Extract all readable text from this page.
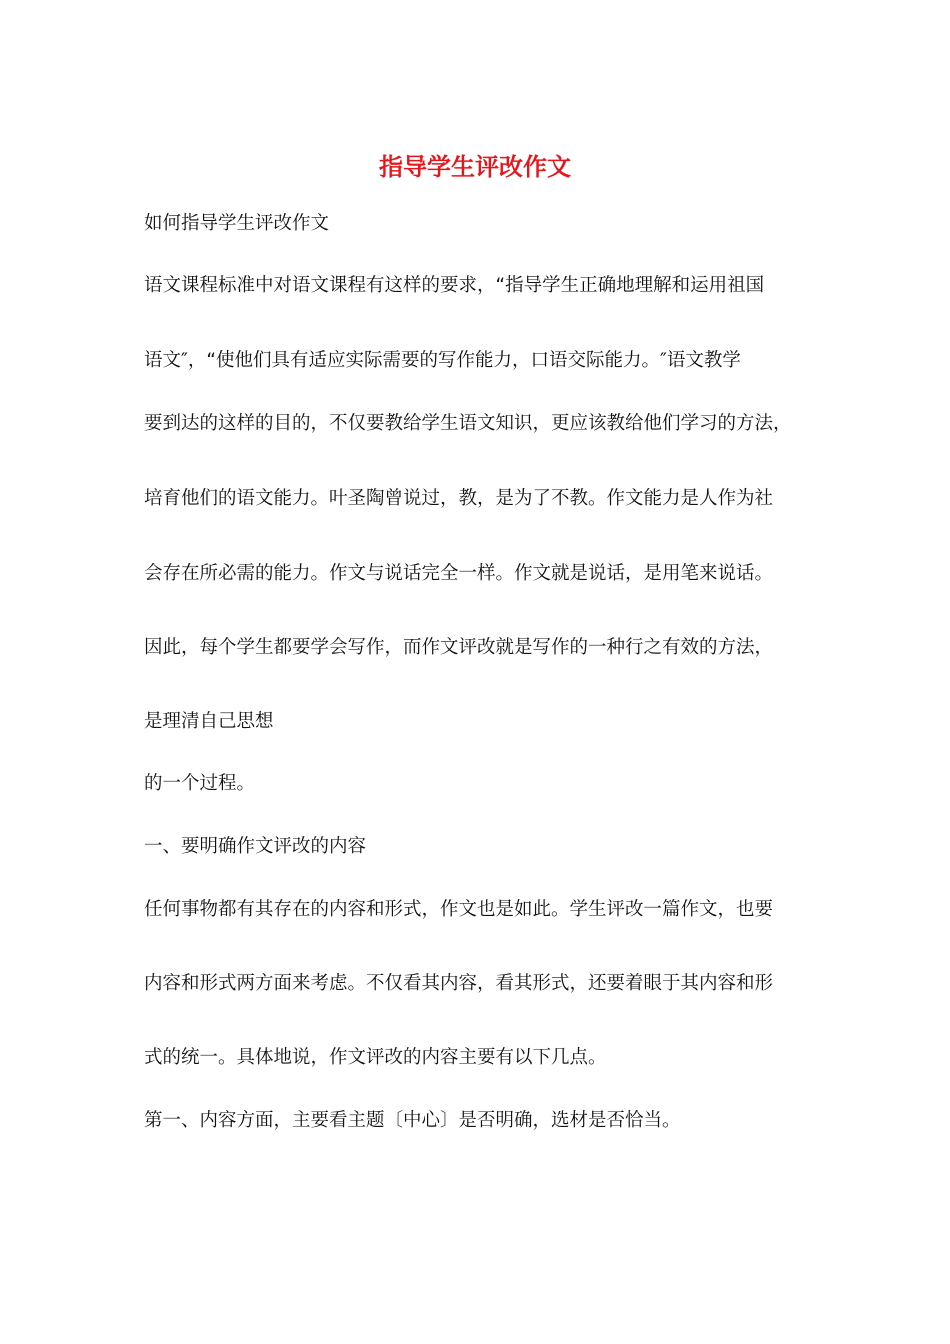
指导学生评改作文
如何指导学生评改作文
语文课程标准中对语文课程有这样的要求，“指导学生正确地理解和运用祖国
语文″，“使他们具有适应实际需要的写作能力，口语交际能力。″语文教学
要到达的这样的目的，不仅要教给学生语文知识，更应该教给他们学习的方法，
培育他们的语文能力。叶圣陶曾说过，教，是为了不教。作文能力是人作为社
会存在所必需的能力。作文与说话完全一样。作文就是说话，是用笔来说话。
因此，每个学生都要学会写作，而作文评改就是写作的一种行之有效的方法，
是理清自己思想
的一个过程。
一、要明确作文评改的内容
任何事物都有其存在的内容和形式，作文也是如此。学生评改一篇作文，也要
内容和形式两方面来考虑。不仅看其内容，看其形式，还要着眼于其内容和形
式的统一。具体地说，作文评改的内容主要有以下几点。
第一、内容方面，主要看主题〔中心〕是否明确，选材是否恰当。
